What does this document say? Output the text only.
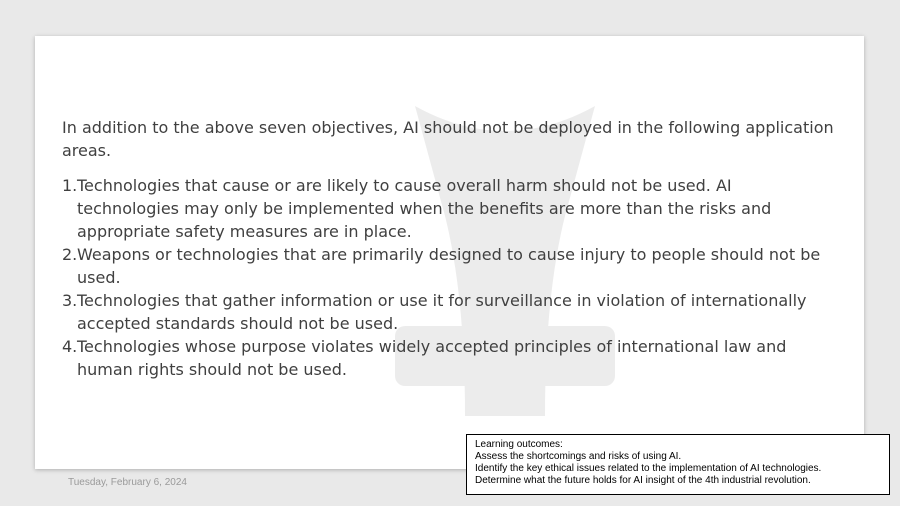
In addition to the above seven objectives, AI should not be deployed in the following application areas.

1. Technologies that cause or are likely to cause overall harm should not be used. AI technologies may only be implemented when the benefits are more than the risks and appropriate safety measures are in place.
2. Weapons or technologies that are primarily designed to cause injury to people should not be used.
3. Technologies that gather information or use it for surveillance in violation of internationally accepted standards should not be used.
4. Technologies whose purpose violates widely accepted principles of international law and human rights should not be used.
Tuesday, February 6, 2024
Learning outcomes:
Assess the shortcomings and risks of using AI.
Identify the key ethical issues related to the implementation of AI technologies.
Determine what the future holds for AI insight of the 4th industrial revolution.
